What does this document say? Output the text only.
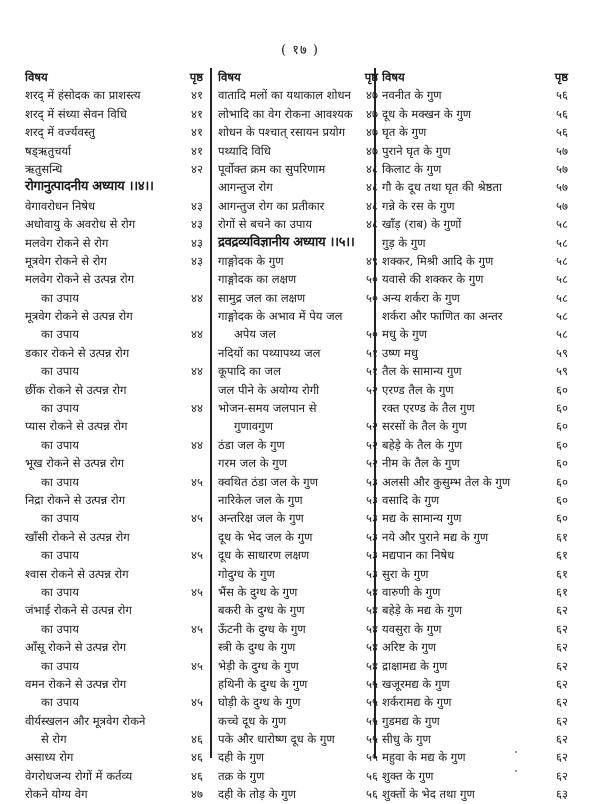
( १७ )
विषय	पृष्ठ
शरद् में हंसोदक का प्राशस्त्य	४१
शरद् में संध्या सेवन विधि	४१
शरद् में वर्ज्यवस्तु	४१
षड्ऋतुचर्या	४१
ऋतुसन्धि	४२
रोगानुत्पादनीय अध्याय ।।४।।
वेगावरोधन निषेध	४३
अधोवायु के अवरोध से रोग	४३
मलवेग रोकने से रोग	४३
मूत्रवेग रोकने से रोग	४३
मलवेग रोकने से उत्पन्न रोग
का उपाय	४४
मूत्रवेग रोकने से उत्पन्न रोग
का उपाय	४४
डकार रोकने से उत्पन्न रोग
का उपाय	४४
छींक रोकने से उत्पन्न रोग
का उपाय	४४
प्यास रोकने से उत्पन्न रोग
का उपाय	४४
भूख रोकने से उत्पन्न रोग
का उपाय	४५
निद्रा रोकने से उत्पन्न रोग
का उपाय	४५
खाँसी रोकने से उत्पन्न रोग
का उपाय	४५
श्वास रोकने से उत्पन्न रोग
का उपाय	४५
जंभाई रोकने से उत्पन्न रोग
का उपाय	४५
आँसू रोकने से उत्पन्न रोग
का उपाय	४५
वमन रोकने से उत्पन्न रोग
का उपाय	४५
वीर्यस्खलन और मूत्रवेग रोकने
से रोग	४६
असाध्य रोग	४६
वेगरोधजन्य रोगों में कर्तव्य	४६
रोकने योग्य वेग	४७
विषय	पृष्ठ
वातादि मलों का यथाकाल शोधन ४७
लोभादि का वेग रोकना आवश्यक ४७
शोधन के पश्चात् रसायन प्रयोग ४७
पथ्यादि विधि	४७
पूर्वोक्त क्रम का सुपरिणाम	४८
आगन्तुज रोग	४८
आगन्तुज रोग का प्रतीकार	४८
रोगों से बचने का उपाय	४८
द्रवद्रव्यविज्ञानीय अध्याय ।।५।।
गाङ्गोदक के गुण	४९
गाङ्गोदक का लक्षण	५०
सामुद्र जल का लक्षण	५०
गाङ्गोदक के अभाव में पेय जल
अपेय जल	५०
नदियों का पथ्यापथ्य जल	५१
कूपादि का जल	५१
जल पीने के अयोग्य रोगी	५२
भोजन-समय जलपान से
गुणावगुण	५२
ठंडा जल के गुण	५२
गरम जल के गुण	५२
क्वथित ठंडा जल के गुण	५३
नारिकेल जल के गुण	५३
अन्तरिक्ष जल के गुण	५३
दूध के भेद जल के गुण	५३
दूध के साधारण लक्षण	५३
गोदुग्ध के गुण	५३
भैंस के दुग्ध के गुण	५४
बकरी के दुग्ध के गुण	५४
ऊँटनी के दुग्ध के गुण	५४
स्त्री के दुग्ध के गुण	५४
भेड़ी के दुग्ध के गुण	५४
हथिनी के दुग्ध के गुण	५५
घोड़ी के दुग्ध के गुण	५५
कच्चे दूध के गुण	५५
पके और धारोष्ण दूध के गुण	५५
दही के गुण	५५
तक्र के गुण	५६
दही के तोड़ के गुण	५६
विषय	पृष्ठ
नवनीत के गुण	५६
दूध के मक्खन के गुण	५६
घृत के गुण	५६
पुराने घृत के गुण	५७
किलाट के गुण	५७
गौ के दूध तथा घृत की श्रेष्ठता	५७
गन्ने के रस के गुण	५७
खाँड़ (राब) के गुणों	५८
गुड़ के गुण	५८
शक्कर, मिश्री आदि के गुण	५८
यवासे की शक्कर के गुण	५८
अन्य शर्करा के गुण	५८
शर्करा और फाणित का अन्तर	५८
मधु के गुण	५८
उष्ण मधु	५९
तैल के सामान्य गुण	५९
एरण्ड तैल के गुण	६०
रक्त एरण्ड के तैल गुण	६०
सरसों के तैल के गुण	६०
बहेड़े के तैल के गुण	६०
नीम के तैल के गुण	६०
अलसी और कुसुम्भ तेल के गुण	६०
वसादि के गुण	६०
मद्य के सामान्य गुण	६०
नये और पुराने मद्य के गुण	६१
मद्यपान का निषेध	६१
सुरा के गुण	६१
वारुणी के गुण	६१
बहेड़े के मद्य के गुण	६२
यवसुरा के गुण	६२
अरिष्ट के गुण	६२
द्राक्षामद्य के गुण	६२
खजूरमद्य के गुण	६२
शर्करामद्य के गुण	६२
गुडमद्य के गुण	६२
सीधु के गुण	६२
महुवा के मद्य के गुण	६२
शुक्त के गुण	६२
शुक्तों के भेद तथा गुण	६३
